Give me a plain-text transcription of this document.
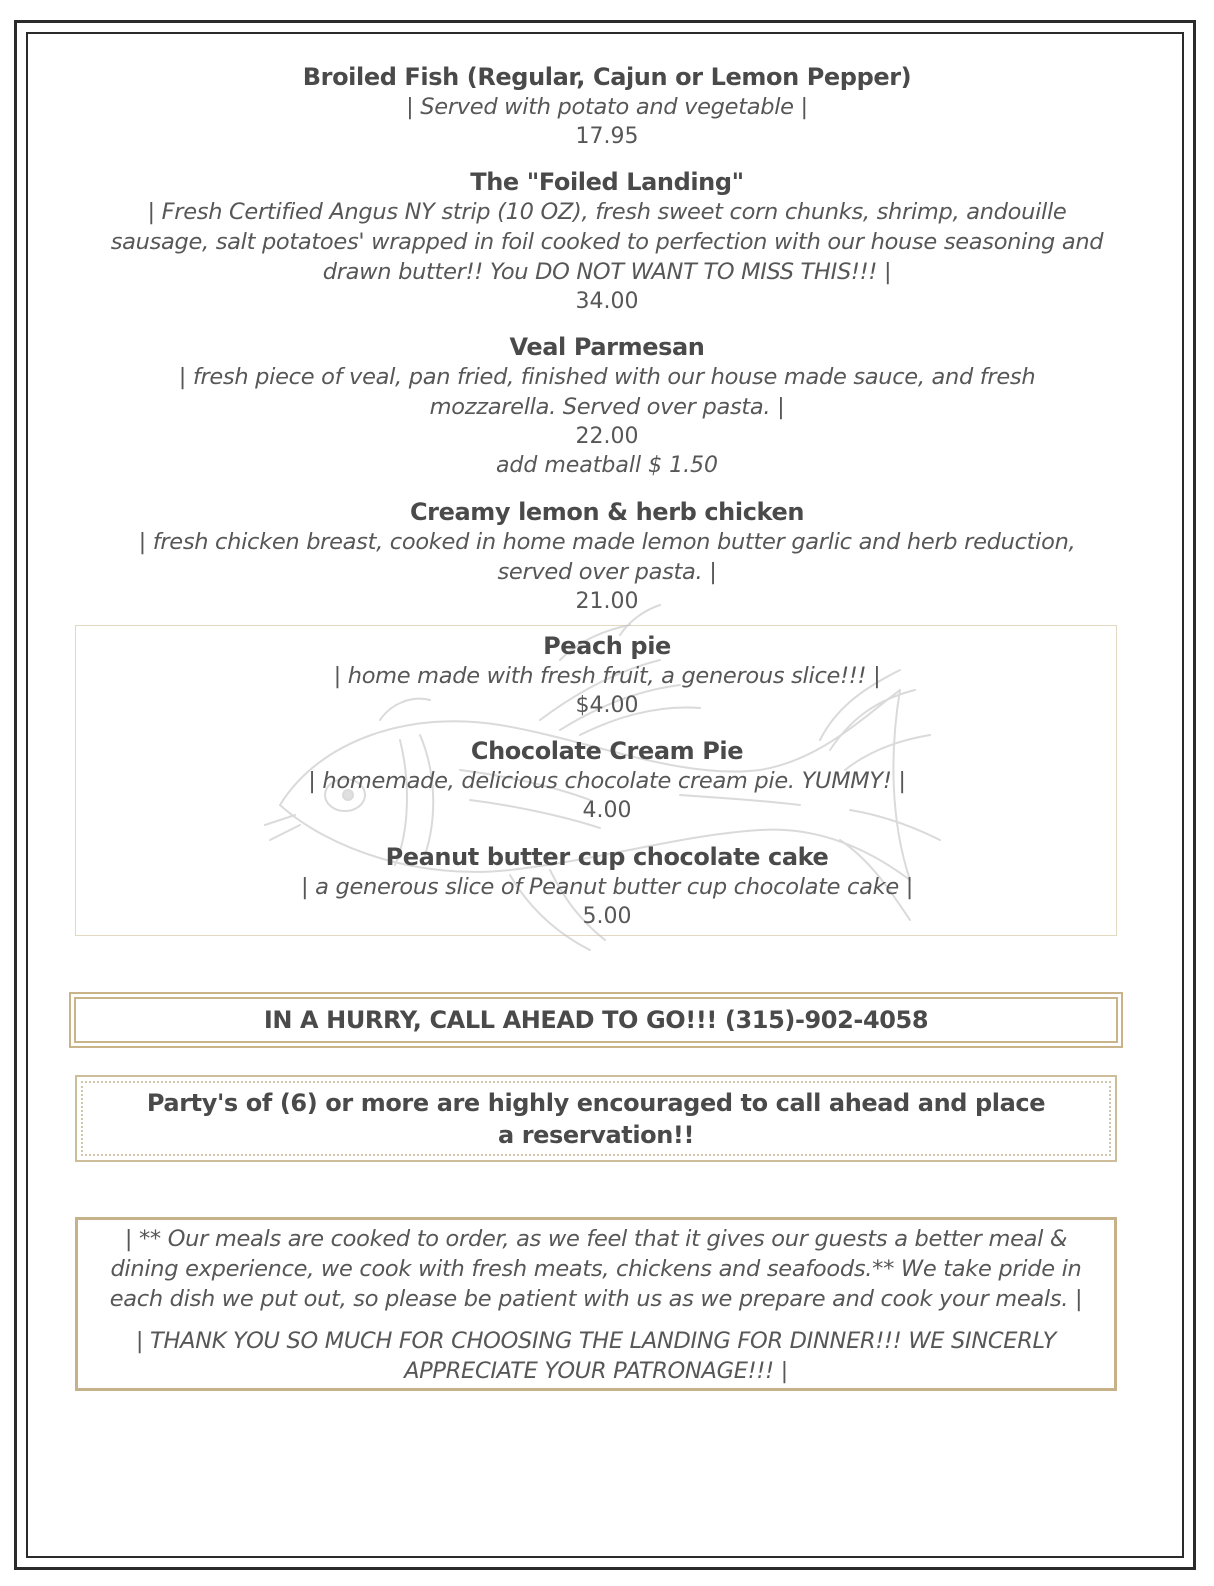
Broiled Fish (Regular, Cajun or Lemon Pepper)
| Served with potato and vegetable |
17.95
The "Foiled Landing"
| Fresh Certified Angus NY strip (10 OZ), fresh sweet corn chunks, shrimp, andouille sausage, salt potatoes' wrapped in foil cooked to perfection with our house seasoning and drawn butter!! You DO NOT WANT TO MISS THIS!!! |
34.00
Veal Parmesan
| fresh piece of veal, pan fried, finished with our house made sauce, and fresh mozzarella. Served over pasta. |
22.00
add meatball $ 1.50
Creamy lemon & herb chicken
| fresh chicken breast, cooked in home made lemon butter garlic and herb reduction, served over pasta. |
21.00
Peach pie
| home made with fresh fruit, a generous slice!!! |
$4.00
Chocolate Cream Pie
| homemade, delicious chocolate cream pie. YUMMY! |
4.00
Peanut butter cup chocolate cake
| a generous slice of Peanut butter cup chocolate cake |
5.00
IN A HURRY, CALL AHEAD TO GO!!! (315)-902-4058
Party's of (6) or more are highly encouraged to call ahead and place a reservation!!

| ** Our meals are cooked to order, as we feel that it gives our guests a better meal & dining experience, we cook with fresh meats, chickens and seafoods.** We take pride in each dish we put out, so please be patient with us as we prepare and cook your meals. |

| THANK YOU SO MUCH FOR CHOOSING THE LANDING FOR DINNER!!! WE SINCERLY APPRECIATE YOUR PATRONAGE!!! |
